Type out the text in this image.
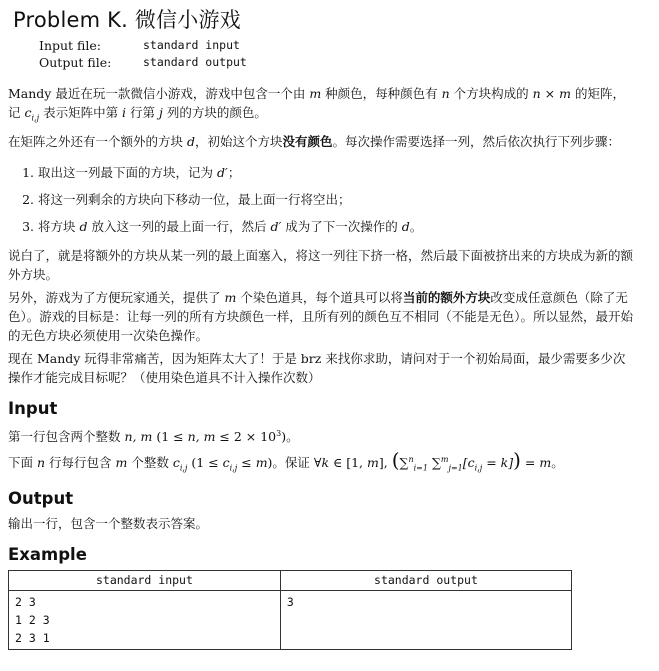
Problem K. 微信小游戏
Input file:	standard input
Output file:	standard output

Mandy 最近在玩一款微信小游戏，游戏中包含一个由 m 种颜色，每种颜色有 n 个方块构成的 n × m 的矩阵，记 $c_{i,j}$ 表示矩阵中第 i 行第 j 列的方块的颜色。

在矩阵之外还有一个额外的方块 d，初始这个方块没有颜色。每次操作需要选择一列，然后依次执行下列步骤：

1. 取出这一列最下面的方块，记为 d′；
2. 将这一列剩余的方块向下移动一位，最上面一行将空出；
3. 将方块 d 放入这一列的最上面一行，然后 d′ 成为了下一次操作的 d。

说白了，就是将额外的方块从某一列的最上面塞入，将这一列往下挤一格，然后最下面被挤出来的方块成为新的额外方块。

另外，游戏为了方便玩家通关，提供了 m 个染色道具，每个道具可以将当前的额外方块改变成任意颜色（除了无色）。游戏的目标是：让每一列的所有方块颜色一样，且所有列的颜色互不相同（不能是无色）。所以显然，最开始的无色方块必须使用一次染色操作。

现在 Mandy 玩得非常痛苦，因为矩阵太大了！于是 brz 来找你求助，请问对于一个初始局面，最少需要多少次操作才能完成目标呢？（使用染色道具不计入操作次数）

Input

第一行包含两个整数 n, m (1 ≤ n, $m \le 2 \times 10^3$)。

下面 n 行每行包含 m 个整数 $c_{i,j}$ $(1 \le c_{i,j} \le m)$。保证 ∀k ∈ [1, m], (∑$^n_{i=1}$ $\sum^m_{j=1}[c_{i,j} = k]) = m$。

Output

输出一行，包含一个整数表示答案。

Example
standard input	standard output
2 3
1 2 3
2 3 1	3
